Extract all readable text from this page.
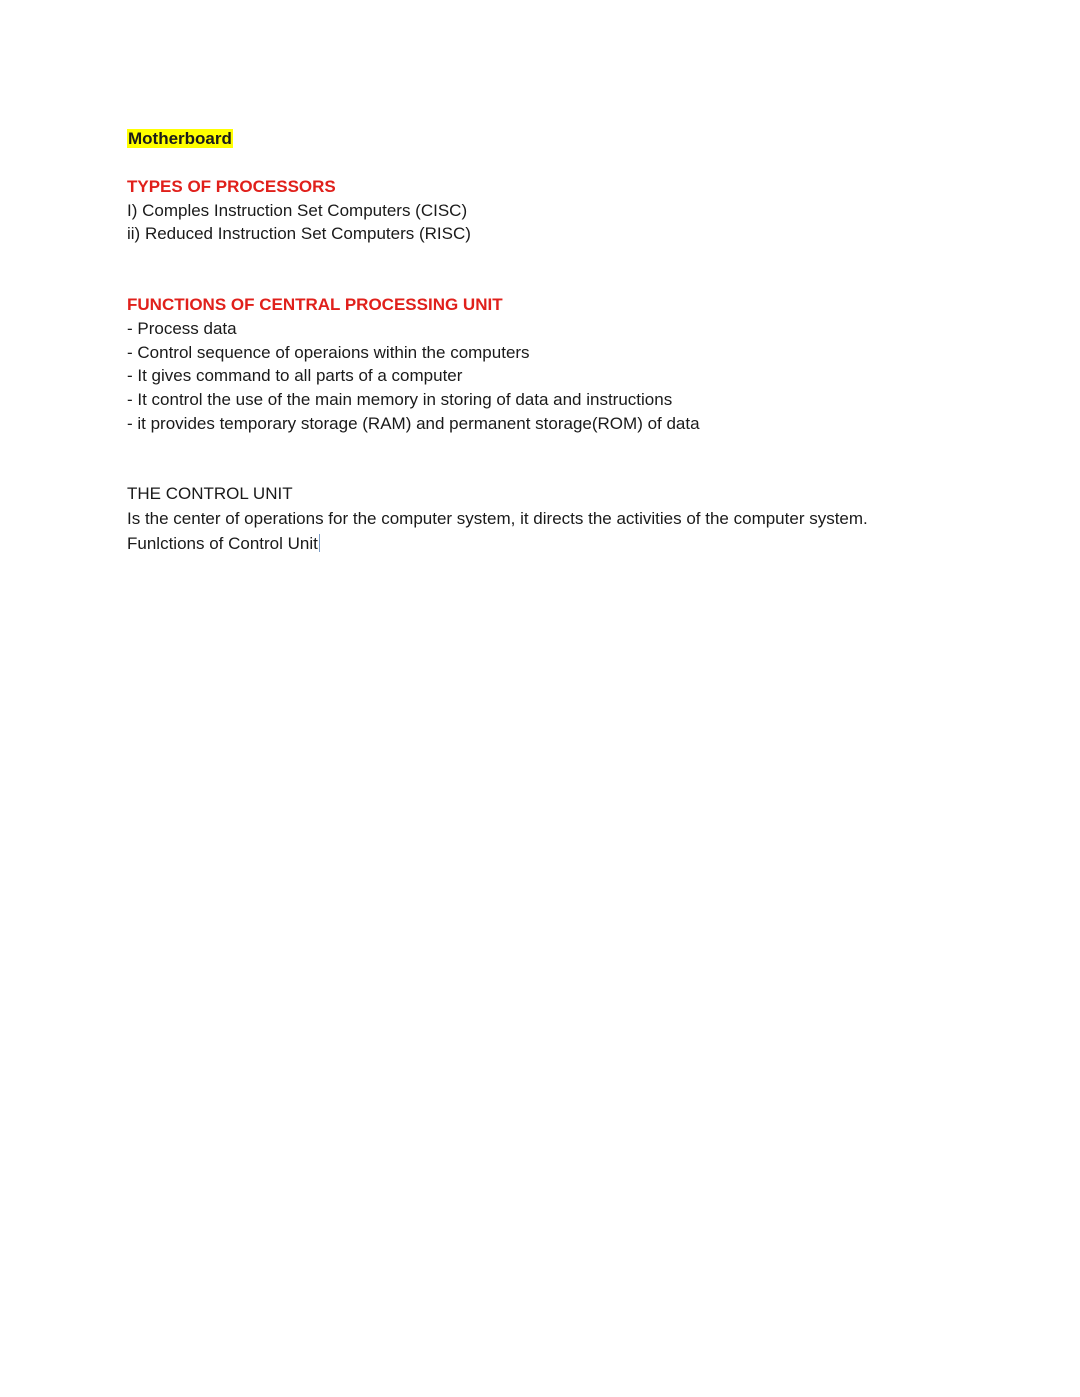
Motherboard
TYPES OF PROCESSORS
I) Comples Instruction Set Computers (CISC)
ii) Reduced Instruction Set Computers (RISC)
FUNCTIONS OF CENTRAL PROCESSING UNIT
- Process data
- Control sequence of operaions within the computers
- It gives command to all parts of a computer
- It control the use of the main memory in storing of data and instructions
- it provides temporary storage (RAM) and permanent storage(ROM) of data
THE CONTROL UNIT
Is the center of operations for the computer system, it directs the activities of the computer system.
Funlctions of Control Unit
